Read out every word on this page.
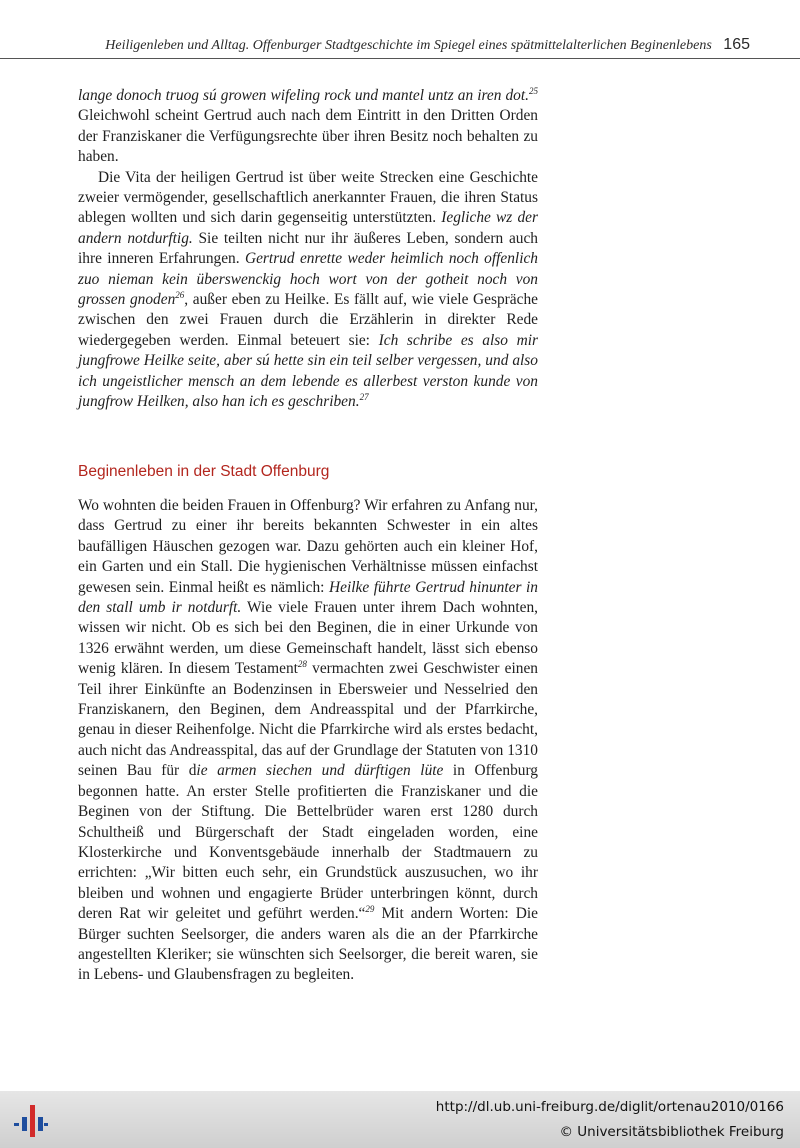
Heiligenleben und Alltag. Offenburger Stadtgeschichte im Spiegel eines spätmittelalterlichen Beginenlebens 165

lange donoch truog sú growen wifeling rock und mantel untz an iren dot.$^{25}$ Gleichwohl scheint Gertrud auch nach dem Eintritt in den Dritten Orden der Franziskaner die Verfügungsrechte über ihren Besitz noch behalten zu haben.

Die Vita der heiligen Gertrud ist über weite Strecken eine Geschichte zweier vermögender, gesellschaftlich anerkannter Frauen, die ihren Status ablegen wollten und sich darin gegenseitig unterstützten. Iegliche wz der andern notdurftig. Sie teilten nicht nur ihr äußeres Leben, sondern auch ihre inneren Erfahrungen. Gertrud enrette weder heimlich noch offenlich zuo nieman kein überswenckig hoch wort von der gotheit noch von grossen gnoden$^{26}$, außer eben zu Heilke. Es fällt auf, wie viele Gespräche zwischen den zwei Frauen durch die Erzählerin in direkter Rede wiedergegeben werden. Einmal beteuert sie: Ich schribe es also mir jungfrowe Heilke seite, aber sú hette sin ein teil selber vergessen, und also ich ungeistlicher mensch an dem lebende es allerbest verston kunde von jungfrow Heilken, also han ich es geschriben.$^{27}$

Beginenleben in der Stadt Offenburg

Wo wohnten die beiden Frauen in Offenburg? Wir erfahren zu Anfang nur, dass Gertrud zu einer ihr bereits bekannten Schwester in ein altes baufälligen Häuschen gezogen war. Dazu gehörten auch ein kleiner Hof, ein Garten und ein Stall. Die hygienischen Verhältnisse müssen einfachst gewesen sein. Einmal heißt es nämlich: Heilke führte Gertrud hinunter in den stall umb ir notdurft. Wie viele Frauen unter ihrem Dach wohnten, wissen wir nicht. Ob es sich bei den Beginen, die in einer Urkunde von 1326 erwähnt werden, um diese Gemeinschaft handelt, lässt sich ebenso wenig klären. In diesem Testament$^{28}$ vermachten zwei Geschwister einen Teil ihrer Einkünfte an Bodenzinsen in Ebersweier und Nesselried den Franziskanern, den Beginen, dem Andreasspital und der Pfarrkirche, genau in dieser Reihenfolge. Nicht die Pfarrkirche wird als erstes bedacht, auch nicht das Andreasspital, das auf der Grundlage der Statuten von 1310 seinen Bau für die armen siechen und dürftigen lüte in Offenburg begonnen hatte. An erster Stelle profitierten die Franziskaner und die Beginen von der Stiftung. Die Bettelbrüder waren erst 1280 durch Schultheiß und Bürgerschaft der Stadt eingeladen worden, eine Klosterkirche und Konventsgebäude innerhalb der Stadtmauern zu errichten: „Wir bitten euch sehr, ein Grundstück auszusuchen, wo ihr bleiben und wohnen und engagierte Brüder unterbringen könnt, durch deren Rat wir geleitet und geführt werden.“$^{29}$ Mit andern Worten: Die Bürger suchten Seelsorger, die anders waren als die an der Pfarrkirche angestellten Kleriker; sie wünschten sich Seelsorger, die bereit waren, sie in Lebens- und Glaubensfragen zu begleiten.

http://dl.ub.uni-freiburg.de/diglit/ortenau2010/0166
© Universitätsbibliothek Freiburg
